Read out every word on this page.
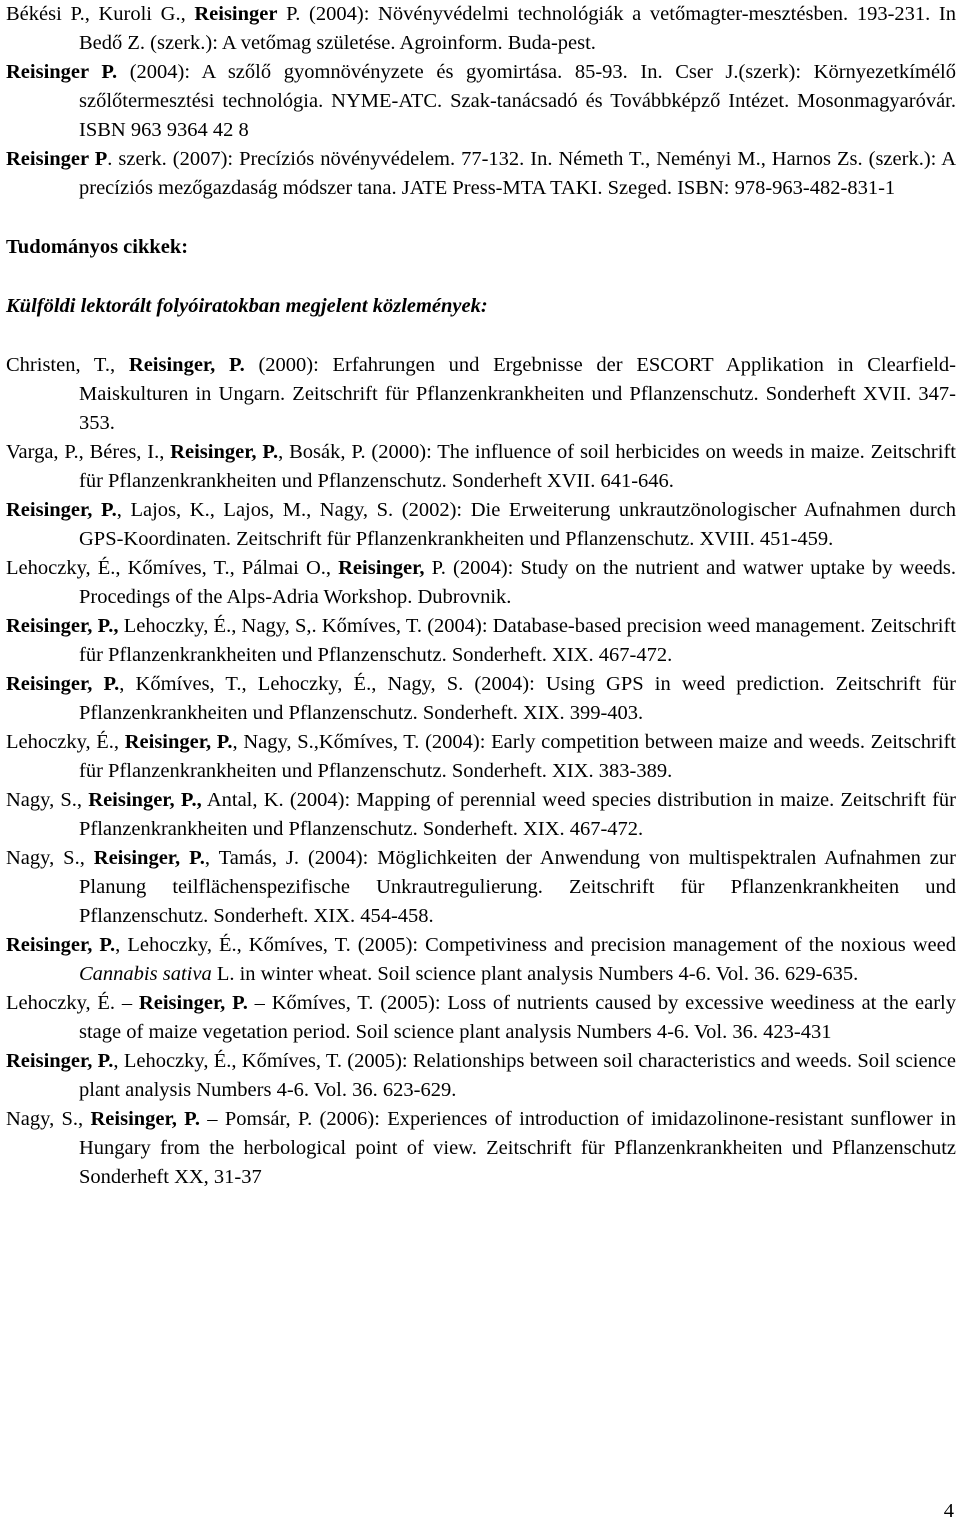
Békési P., Kuroli G., Reisinger P. (2004): Növényvédelmi technológiák a vetőmagter-mesztésben. 193-231. In Bedő Z. (szerk.): A vetőmag születése. Agroinform. Buda-pest.

Reisinger P. (2004): A szőlő gyomnövényzete és gyomirtása. 85-93. In. Cser J.(szerk): Környezetkímélő szőlőtermesztési technológia. NYME-ATC. Szak-tanácsadó és Továbbképző Intézet. Mosonmagyaróvár. ISBN 963 9364 42 8

Reisinger P. szerk. (2007): Precíziós növényvédelem. 77-132. In. Németh T., Neményi M., Harnos Zs. (szerk.): A precíziós mezőgazdaság módszer tana. JATE Press-MTA TAKI. Szeged. ISBN: 978-963-482-831-1

Tudományos cikkek:

Külföldi lektorált folyóiratokban megjelent közlemények:

Christen, T., Reisinger, P. (2000): Erfahrungen und Ergebnisse der ESCORT Applikation in Clearfield-Maiskulturen in Ungarn. Zeitschrift für Pflanzenkrankheiten und Pflanzenschutz. Sonderheft XVII. 347-353.

Varga, P., Béres, I., Reisinger, P., Bosák, P. (2000): The influence of soil herbicides on weeds in maize. Zeitschrift für Pflanzenkrankheiten und Pflanzenschutz. Sonderheft XVII. 641-646.

Reisinger, P., Lajos, K., Lajos, M., Nagy, S. (2002): Die Erweiterung unkrautzönologischer Aufnahmen durch GPS-Koordinaten. Zeitschrift für Pflanzenkrankheiten und Pflanzenschutz. XVIII. 451-459.

Lehoczky, É., Kőmíves, T., Pálmai O., Reisinger, P. (2004): Study on the nutrient and watwer uptake by weeds. Procedings of the Alps-Adria Workshop. Dubrovnik.

Reisinger, P., Lehoczky, É., Nagy, S,. Kőmíves, T. (2004): Database-based precision weed management. Zeitschrift für Pflanzenkrankheiten und Pflanzenschutz. Sonderheft. XIX. 467-472.

Reisinger, P., Kőmíves, T., Lehoczky, É., Nagy, S. (2004): Using GPS in weed prediction. Zeitschrift für Pflanzenkrankheiten und Pflanzenschutz. Sonderheft. XIX. 399-403.

Lehoczky, É., Reisinger, P., Nagy, S.,Kőmíves, T. (2004): Early competition between maize and weeds. Zeitschrift für Pflanzenkrankheiten und Pflanzenschutz. Sonderheft. XIX. 383-389.

Nagy, S., Reisinger, P., Antal, K. (2004): Mapping of perennial weed species distribution in maize. Zeitschrift für Pflanzenkrankheiten und Pflanzenschutz. Sonderheft. XIX. 467-472.

Nagy, S., Reisinger, P., Tamás, J. (2004): Möglichkeiten der Anwendung von multispektralen Aufnahmen zur Planung teilflächenspezifische Unkrautregulierung. Zeitschrift für Pflanzenkrankheiten und Pflanzenschutz. Sonderheft. XIX. 454-458.

Reisinger, P., Lehoczky, É., Kőmíves, T. (2005): Competiviness and precision management of the noxious weed Cannabis sativa L. in winter wheat. Soil science plant analysis Numbers 4-6. Vol. 36. 629-635.

Lehoczky, É. – Reisinger, P. – Kőmíves, T. (2005): Loss of nutrients caused by excessive weediness at the early stage of maize vegetation period. Soil science plant analysis Numbers 4-6. Vol. 36. 423-431

Reisinger, P., Lehoczky, É., Kőmíves, T. (2005): Relationships between soil characteristics and weeds. Soil science plant analysis Numbers 4-6. Vol. 36. 623-629.

Nagy, S., Reisinger, P. – Pomsár, P. (2006): Experiences of introduction of imidazolinone-resistant sunflower in Hungary from the herbological point of view. Zeitschrift für Pflanzenkrankheiten und Pflanzenschutz Sonderheft XX, 31-37

4
